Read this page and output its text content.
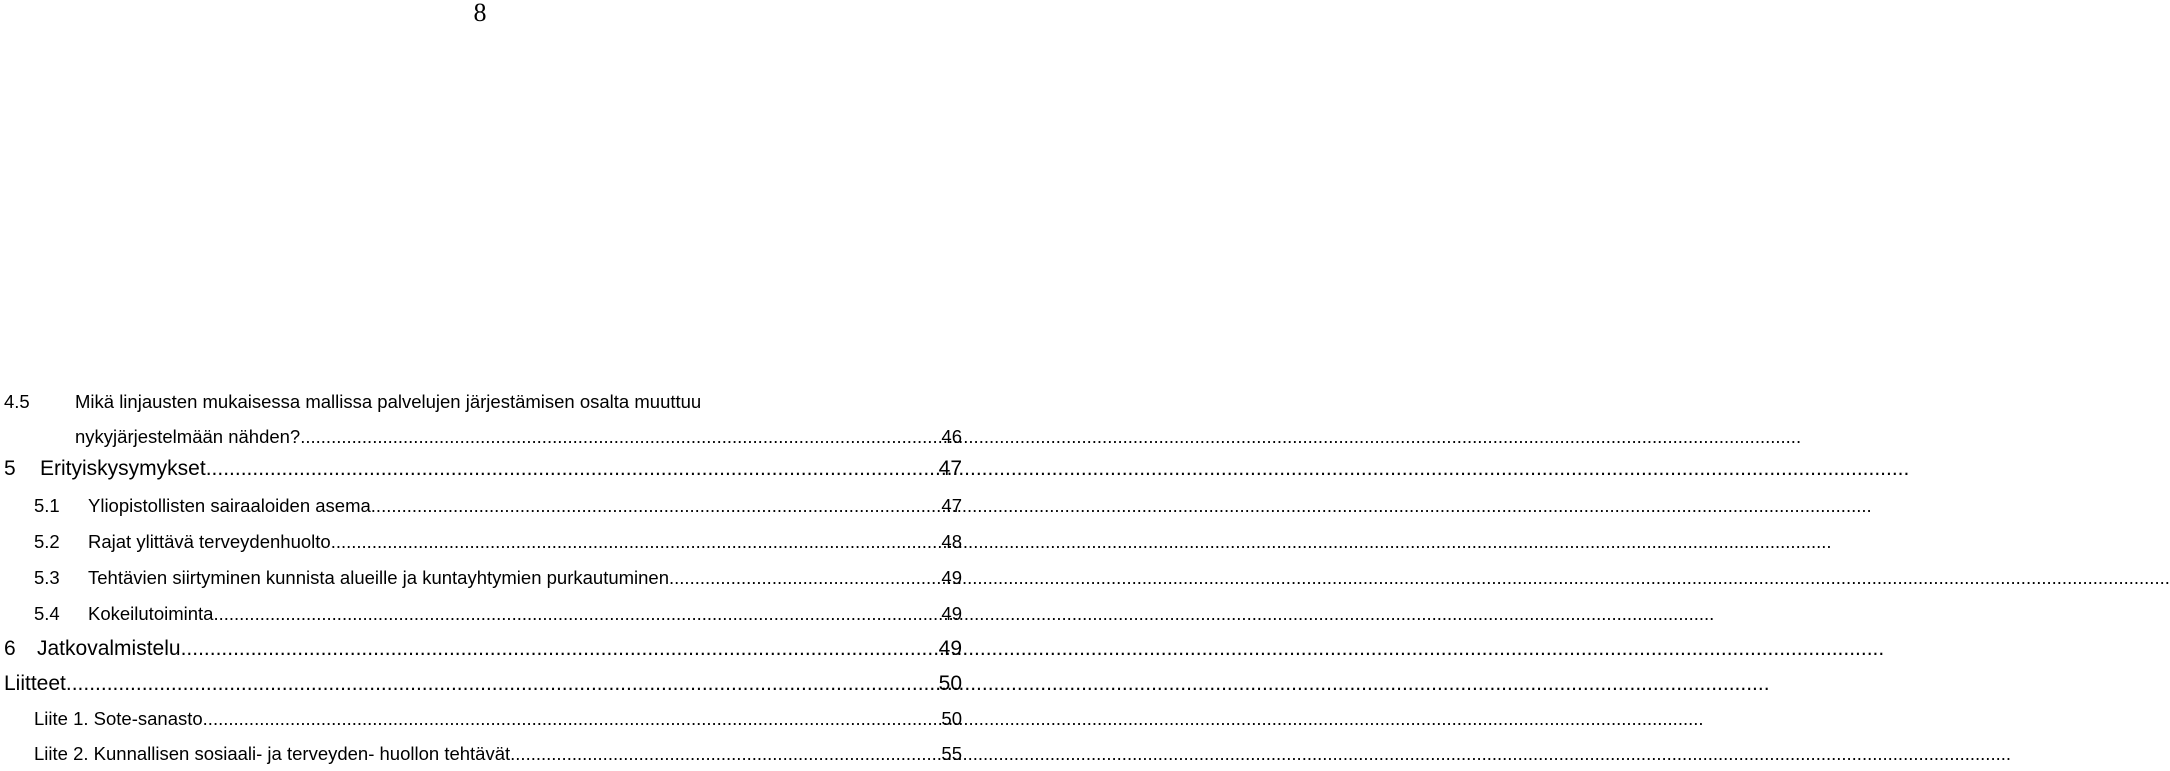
8
4.5	Mikä linjausten mukaisessa mallissa palvelujen järjestämisen osalta muuttuu
nykyjärjestelmään nähden? .....	46
5	Erityiskysymykset .....	47
5.1	Yliopistollisten sairaaloiden asema .....	47
5.2	Rajat ylittävä terveydenhuolto .....	48
5.3	Tehtävien siirtyminen kunnista alueille ja kuntayhtymien purkautuminen .....	49
5.4	Kokeilutoiminta .....	49
6	Jatkovalmistelu .....	49
Liitteet .....	50
Liite 1. Sote-sanasto .....	50
Liite 2. Kunnallisen sosiaali- ja terveyden- huollon tehtävät .....	55
